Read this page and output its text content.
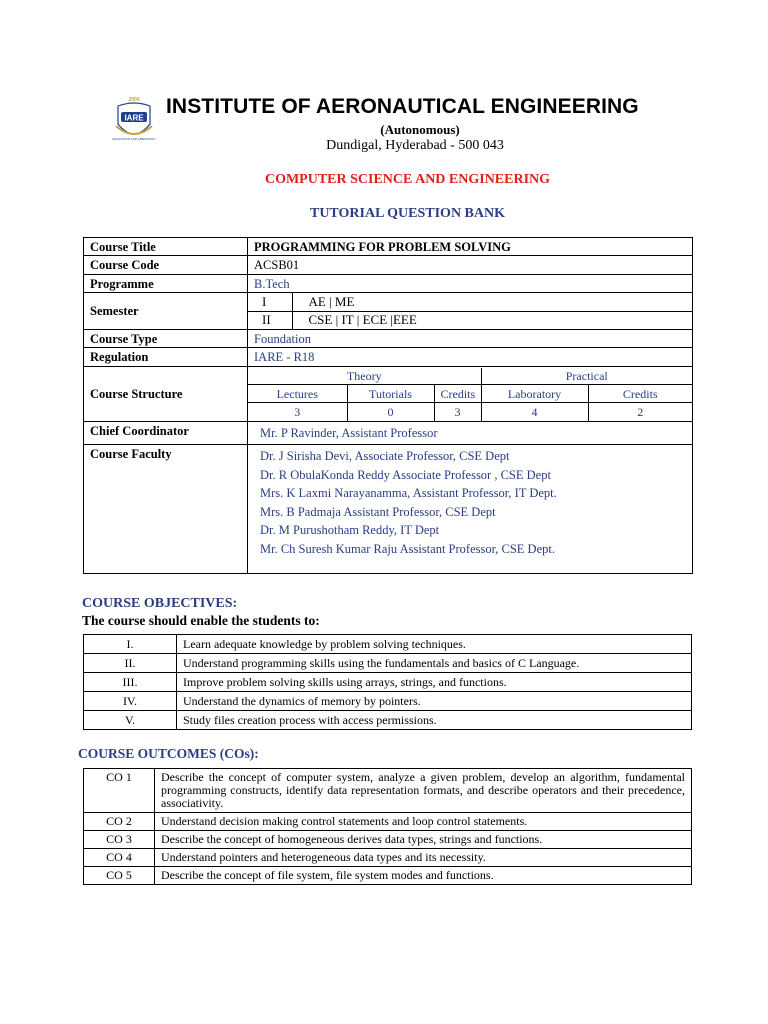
2000
IARE
EDUCATION FOR LIBERATION
INSTITUTE OF AERONAUTICAL ENGINEERING
(Autonomous)
Dundigal, Hyderabad - 500 043
COMPUTER SCIENCE AND ENGINEERING
TUTORIAL QUESTION BANK
Course Title	PROGRAMMING FOR PROBLEM SOLVING
Course Code	ACSB01
Programme	B.Tech
Semester	
I	AE | ME
II	CSE | IT | ECE |EEE

Course Type	Foundation
Regulation	IARE - R18
Course Structure	
Theory	Practical
Lectures	Tutorials	Credits	Laboratory	Credits
3	0	3	4	2

Chief Coordinator	Mr. P Ravinder, Assistant Professor
Course Faculty	Dr. J Sirisha Devi, Associate Professor, CSE Dept
Dr. R ObulaKonda Reddy Associate Professor , CSE Dept
Mrs. K Laxmi Narayanamma, Assistant Professor, IT Dept.
Mrs. B Padmaja Assistant Professor, CSE Dept
Dr. M Purushotham Reddy, IT Dept
Mr. Ch Suresh Kumar Raju Assistant Professor, CSE Dept.
COURSE OBJECTIVES:
The course should enable the students to:
I.	Learn adequate knowledge by problem solving techniques.
II.	Understand programming skills using the fundamentals and basics of C Language.
III.	Improve problem solving skills using arrays, strings, and functions.
IV.	Understand the dynamics of memory by pointers.
V.	Study files creation process with access permissions.
COURSE OUTCOMES (COs):
CO 1	Describe the concept of computer system, analyze a given problem, develop an algorithm, fundamental programming constructs, identify data representation formats, and describe operators and their precedence, associativity.
CO 2	Understand decision making control statements and loop control statements.
CO 3	Describe the concept of homogeneous derives data types, strings and functions.
CO 4	Understand pointers and heterogeneous data types and its necessity.
CO 5	Describe the concept of file system, file system modes and functions.
